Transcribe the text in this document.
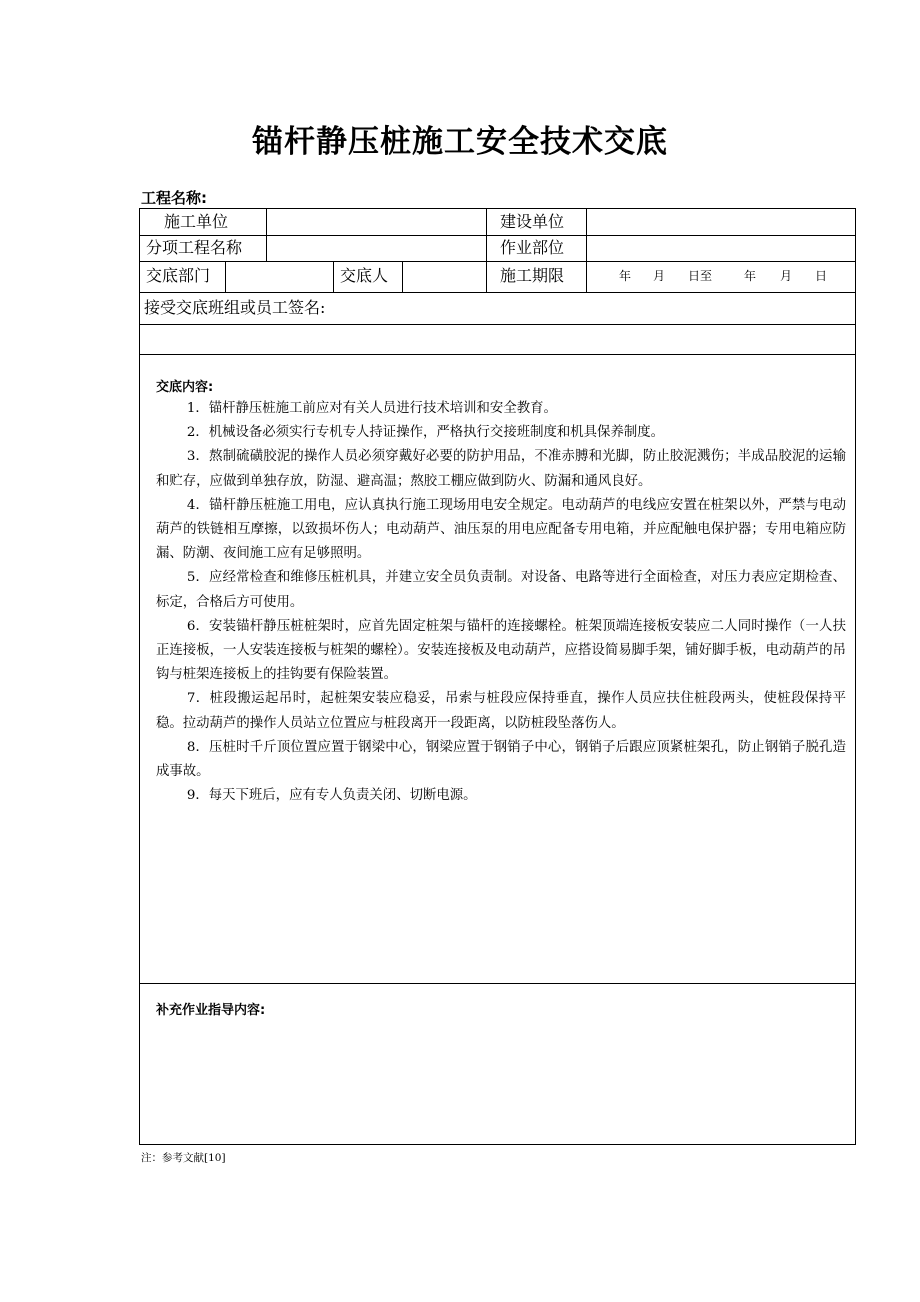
锚杆静压桩施工安全技术交底
工程名称:
施工单位	建设单位
分项工程名称	作业部位
交底部门	交底人	施工期限	年 月 日至	年 月 日
接受交底班组或员工签名:
交底内容:

1．锚杆静压桩施工前应对有关人员进行技术培训和安全教育。

2．机械设备必须实行专机专人持证操作，严格执行交接班制度和机具保养制度。

3．熬制硫磺胶泥的操作人员必须穿戴好必要的防护用品，不准赤膊和光脚，防止胶泥溅伤；半成品胶泥的运输和贮存，应做到单独存放，防湿、避高温；熬胶工棚应做到防火、防漏和通风良好。

4．锚杆静压桩施工用电，应认真执行施工现场用电安全规定。电动葫芦的电线应安置在桩架以外，严禁与电动葫芦的铁链相互摩擦，以致损坏伤人；电动葫芦、油压泵的用电应配备专用电箱，并应配触电保护器；专用电箱应防漏、防潮、夜间施工应有足够照明。

5．应经常检查和维修压桩机具，并建立安全员负责制。对设备、电路等进行全面检查，对压力表应定期检查、标定，合格后方可使用。

6．安装锚杆静压桩桩架时，应首先固定桩架与锚杆的连接螺栓。桩架顶端连接板安装应二人同时操作（一人扶正连接板，一人安装连接板与桩架的螺栓）。安装连接板及电动葫芦，应搭设简易脚手架，铺好脚手板，电动葫芦的吊钩与桩架连接板上的挂钩要有保险装置。

7．桩段搬运起吊时，起桩架安装应稳妥，吊索与桩段应保持垂直，操作人员应扶住桩段两头，使桩段保持平稳。拉动葫芦的操作人员站立位置应与桩段离开一段距离，以防桩段坠落伤人。

8．压桩时千斤顶位置应置于钢梁中心，钢梁应置于钢销子中心，钢销子后跟应顶紧桩架孔，防止钢销子脱孔造成事故。

9．每天下班后，应有专人负责关闭、切断电源。

补充作业指导内容:
注：参考文献[10]
